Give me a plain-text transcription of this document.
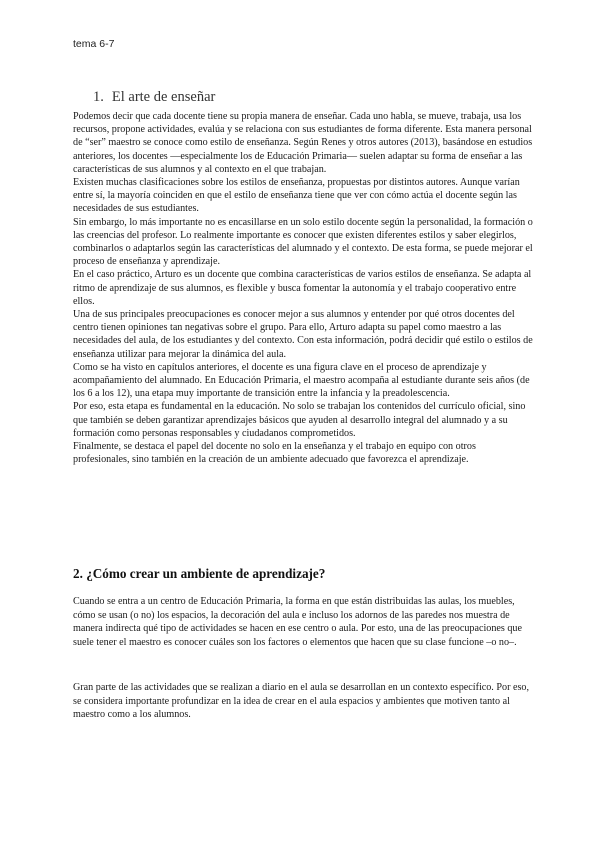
tema 6-7
1. El arte de enseñar

Podemos decir que cada docente tiene su propia manera de enseñar. Cada uno habla, se mueve, trabaja, usa los recursos, propone actividades, evalúa y se relaciona con sus estudiantes de forma diferente. Esta manera personal de “ser” maestro se conoce como estilo de enseñanza. Según Renes y otros autores (2013), basándose en estudios anteriores, los docentes —especialmente los de Educación Primaria— suelen adaptar su forma de enseñar a las características de sus alumnos y al contexto en el que trabajan.

Existen muchas clasificaciones sobre los estilos de enseñanza, propuestas por distintos autores. Aunque varían entre sí, la mayoría coinciden en que el estilo de enseñanza tiene que ver con cómo actúa el docente según las necesidades de sus estudiantes.

Sin embargo, lo más importante no es encasillarse en un solo estilo docente según la personalidad, la formación o las creencias del profesor. Lo realmente importante es conocer que existen diferentes estilos y saber elegirlos, combinarlos o adaptarlos según las características del alumnado y el contexto. De esta forma, se puede mejorar el proceso de enseñanza y aprendizaje.

En el caso práctico, Arturo es un docente que combina características de varios estilos de enseñanza. Se adapta al ritmo de aprendizaje de sus alumnos, es flexible y busca fomentar la autonomía y el trabajo cooperativo entre ellos.

Una de sus principales preocupaciones es conocer mejor a sus alumnos y entender por qué otros docentes del centro tienen opiniones tan negativas sobre el grupo. Para ello, Arturo adapta su papel como maestro a las necesidades del aula, de los estudiantes y del contexto. Con esta información, podrá decidir qué estilo o estilos de enseñanza utilizar para mejorar la dinámica del aula.

Como se ha visto en capítulos anteriores, el docente es una figura clave en el proceso de aprendizaje y acompañamiento del alumnado. En Educación Primaria, el maestro acompaña al estudiante durante seis años (de los 6 a los 12), una etapa muy importante de transición entre la infancia y la preadolescencia.

Por eso, esta etapa es fundamental en la educación. No solo se trabajan los contenidos del currículo oficial, sino que también se deben garantizar aprendizajes básicos que ayuden al desarrollo integral del alumnado y a su formación como personas responsables y ciudadanos comprometidos.

Finalmente, se destaca el papel del docente no solo en la enseñanza y el trabajo en equipo con otros profesionales, sino también en la creación de un ambiente adecuado que favorezca el aprendizaje.

2. ¿Cómo crear un ambiente de aprendizaje?

Cuando se entra a un centro de Educación Primaria, la forma en que están distribuidas las aulas, los muebles, cómo se usan (o no) los espacios, la decoración del aula e incluso los adornos de las paredes nos muestra de manera indirecta qué tipo de actividades se hacen en ese centro o aula. Por esto, una de las preocupaciones que suele tener el maestro es conocer cuáles son los factores o elementos que hacen que su clase funcione –o no–.

Gran parte de las actividades que se realizan a diario en el aula se desarrollan en un contexto específico. Por eso, se considera importante profundizar en la idea de crear en el aula espacios y ambientes que motiven tanto al maestro como a los alumnos.
